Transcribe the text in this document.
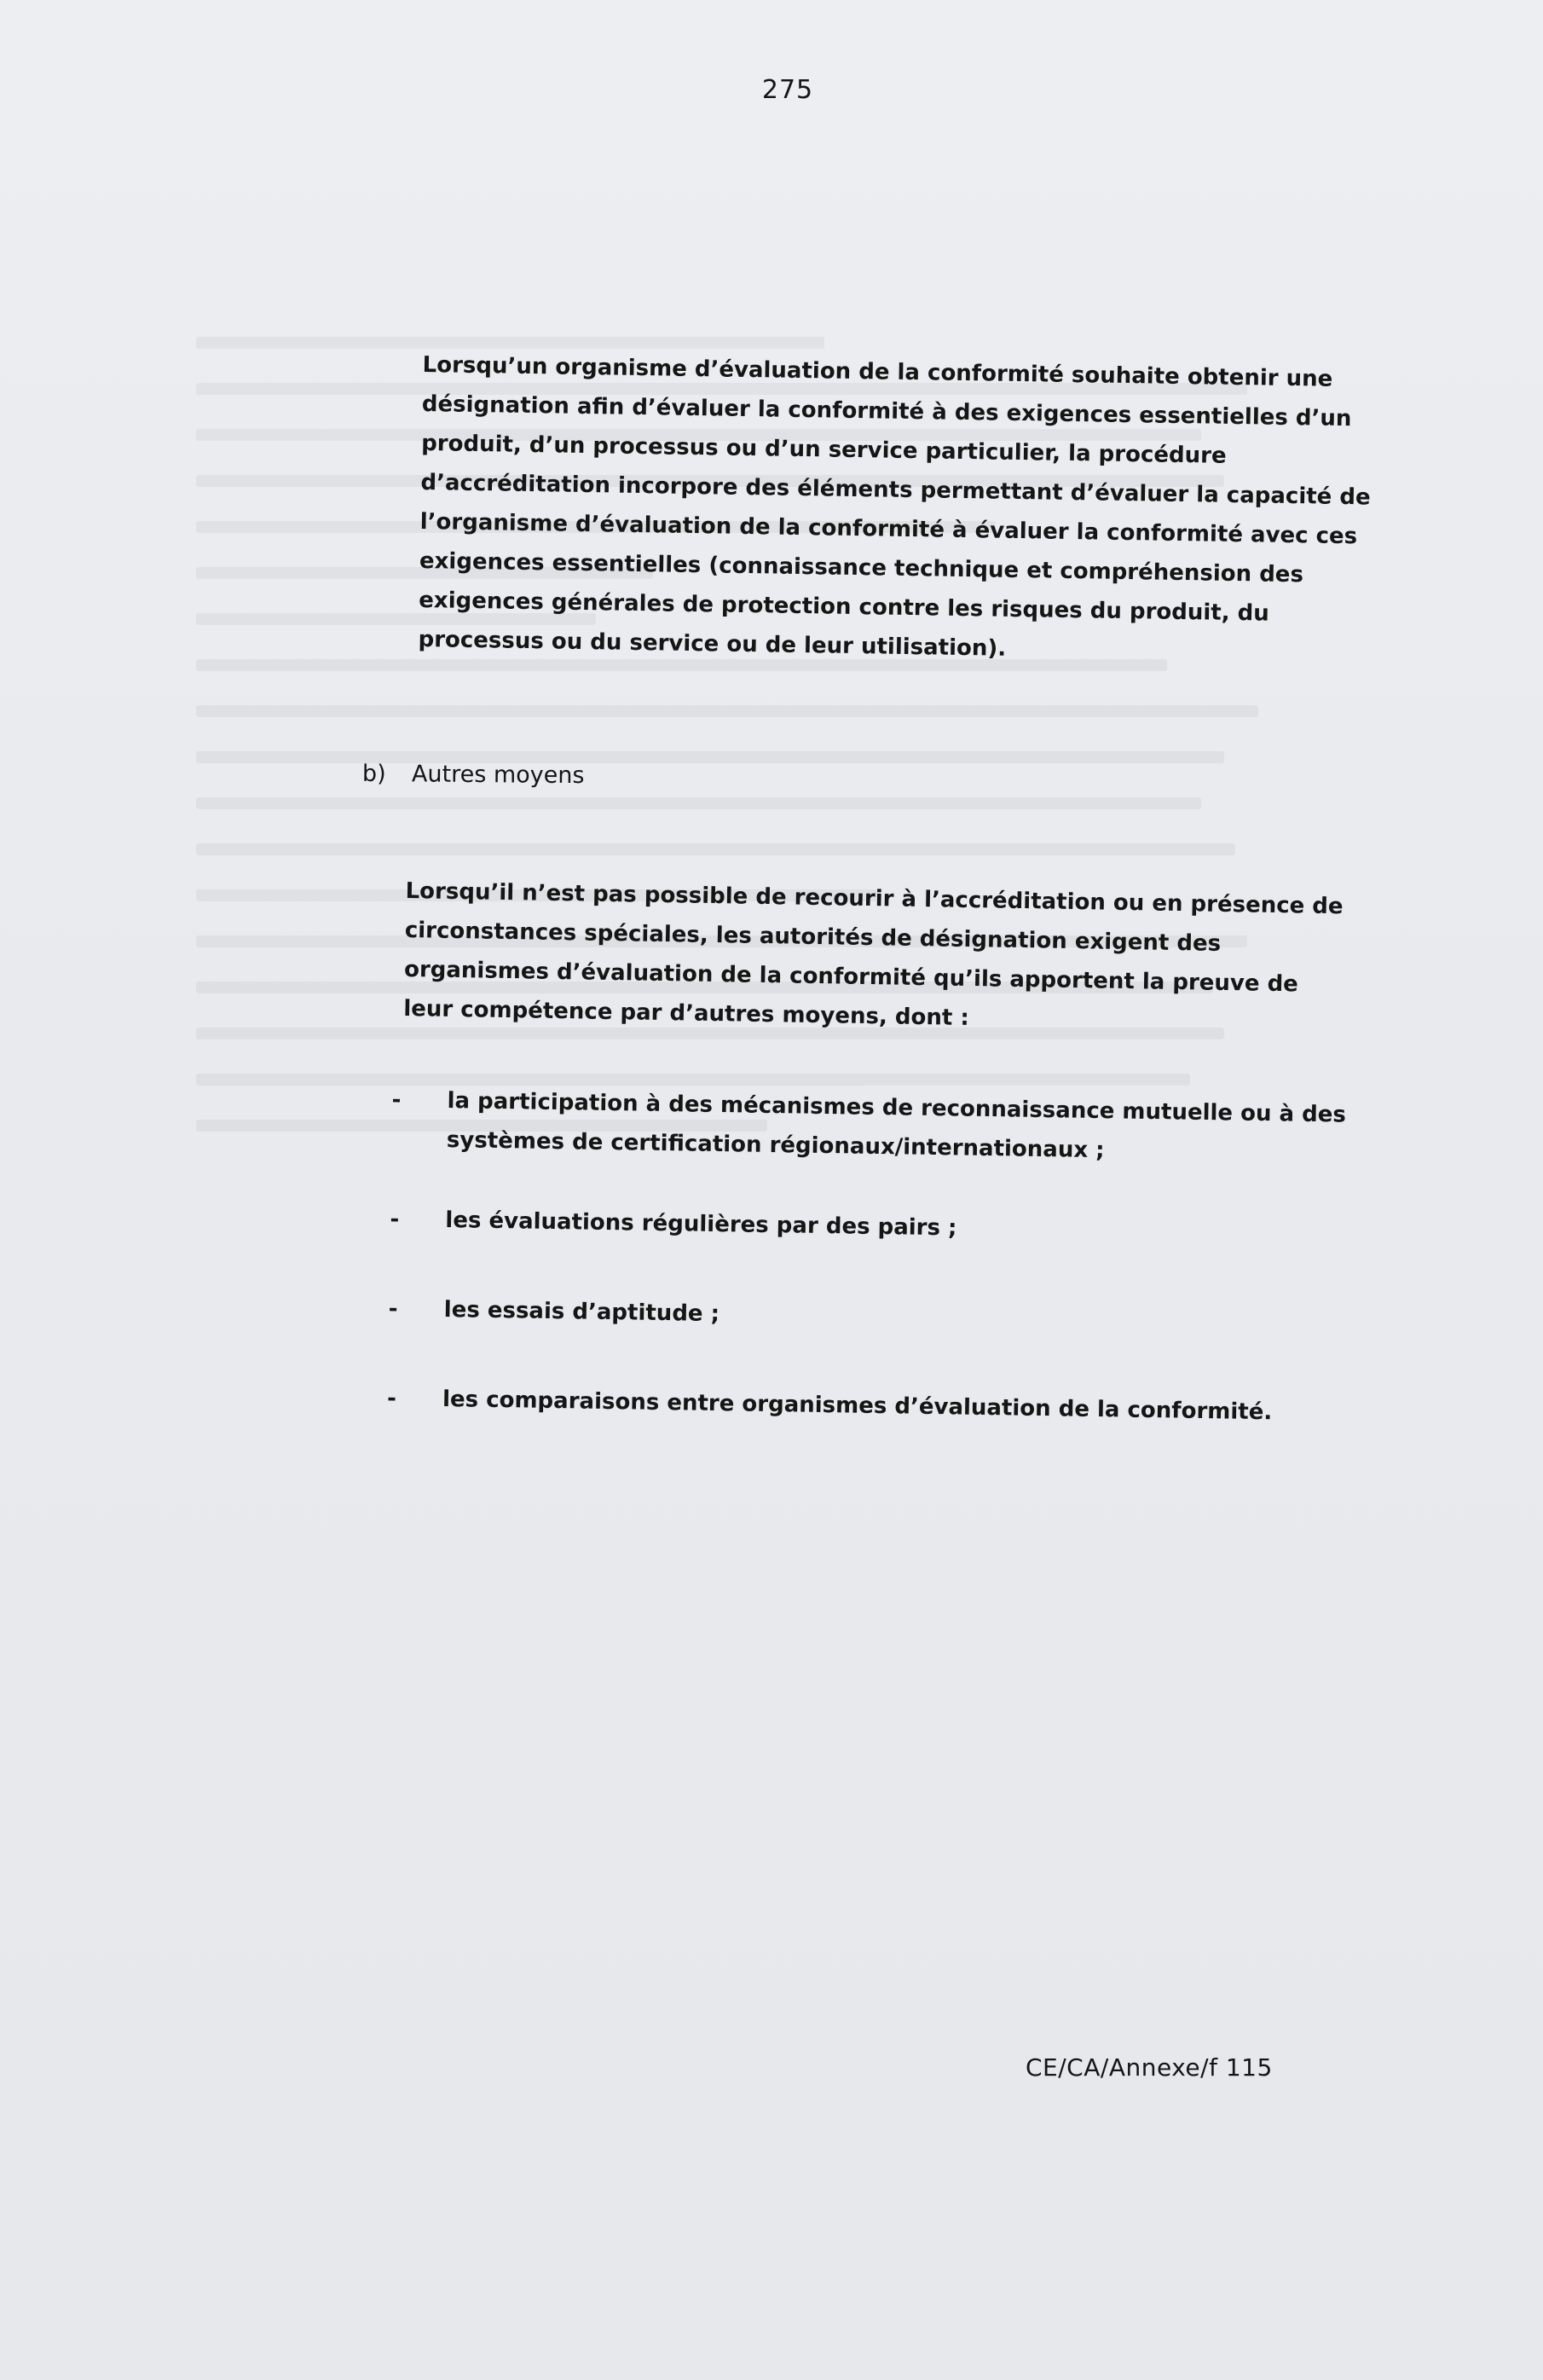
275
Lorsqu’un organisme d’évaluation de la conformité souhaite obtenir une désignation afin d’évaluer la conformité à des exigences essentielles d’un produit, d’un processus ou d’un service particulier, la procédure d’accréditation incorpore des éléments permettant d’évaluer la capacité de l’organisme d’évaluation de la conformité à évaluer la conformité avec ces exigences essentielles (connaissance technique et compréhension des exigences générales de protection contre les risques du produit, du processus ou du service ou de leur utilisation).
b) Autres moyens
Lorsqu’il n’est pas possible de recourir à l’accréditation ou en présence de circonstances spéciales, les autorités de désignation exigent des organismes d’évaluation de la conformité qu’ils apportent la preuve de leur compétence par d’autres moyens, dont :
- la participation à des mécanismes de reconnaissance mutuelle ou à des systèmes de certification régionaux/internationaux ;
- les évaluations régulières par des pairs ;
- les essais d’aptitude ;
- les comparaisons entre organismes d’évaluation de la conformité.
CE/CA/Annexe/f 115
